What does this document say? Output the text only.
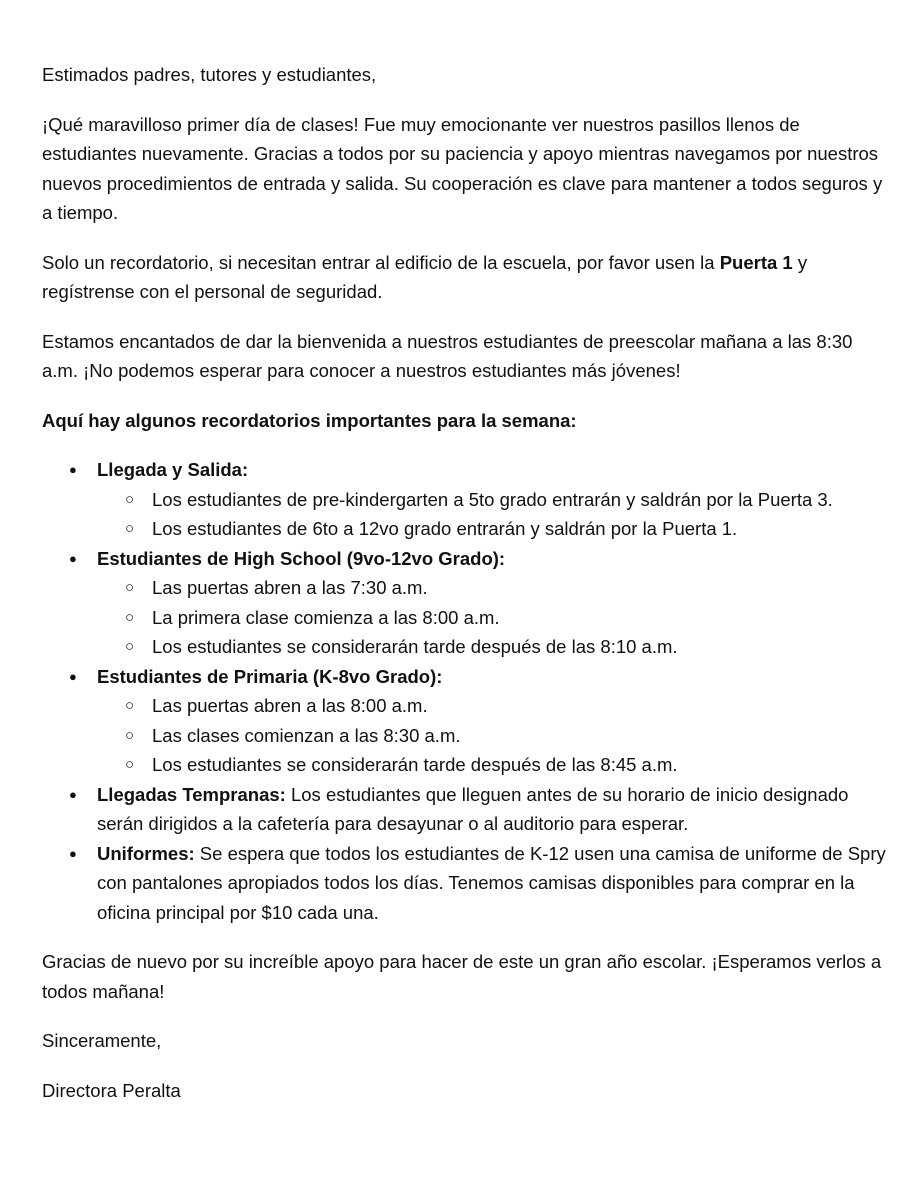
Estimados padres, tutores y estudiantes,

¡Qué maravilloso primer día de clases! Fue muy emocionante ver nuestros pasillos llenos de estudiantes nuevamente. Gracias a todos por su paciencia y apoyo mientras navegamos por nuestros nuevos procedimientos de entrada y salida. Su cooperación es clave para mantener a todos seguros y a tiempo.

Solo un recordatorio, si necesitan entrar al edificio de la escuela, por favor usen la Puerta 1 y regístrense con el personal de seguridad.

Estamos encantados de dar la bienvenida a nuestros estudiantes de preescolar mañana a las 8:30 a.m. ¡No podemos esperar para conocer a nuestros estudiantes más jóvenes!

Aquí hay algunos recordatorios importantes para la semana:

● Llegada y Salida:
○ Los estudiantes de pre-kindergarten a 5to grado entrarán y saldrán por la Puerta 3.
○ Los estudiantes de 6to a 12vo grado entrarán y saldrán por la Puerta 1.
● Estudiantes de High School (9vo-12vo Grado):
○ Las puertas abren a las 7:30 a.m.
○ La primera clase comienza a las 8:00 a.m.
○ Los estudiantes se considerarán tarde después de las 8:10 a.m.
● Estudiantes de Primaria (K-8vo Grado):
○ Las puertas abren a las 8:00 a.m.
○ Las clases comienzan a las 8:30 a.m.
○ Los estudiantes se considerarán tarde después de las 8:45 a.m.
● Llegadas Tempranas: Los estudiantes que lleguen antes de su horario de inicio designado serán dirigidos a la cafetería para desayunar o al auditorio para esperar.
● Uniformes: Se espera que todos los estudiantes de K-12 usen una camisa de uniforme de Spry con pantalones apropiados todos los días. Tenemos camisas disponibles para comprar en la oficina principal por $10 cada una.

Gracias de nuevo por su increíble apoyo para hacer de este un gran año escolar. ¡Esperamos verlos a todos mañana!

Sinceramente,

Directora Peralta
